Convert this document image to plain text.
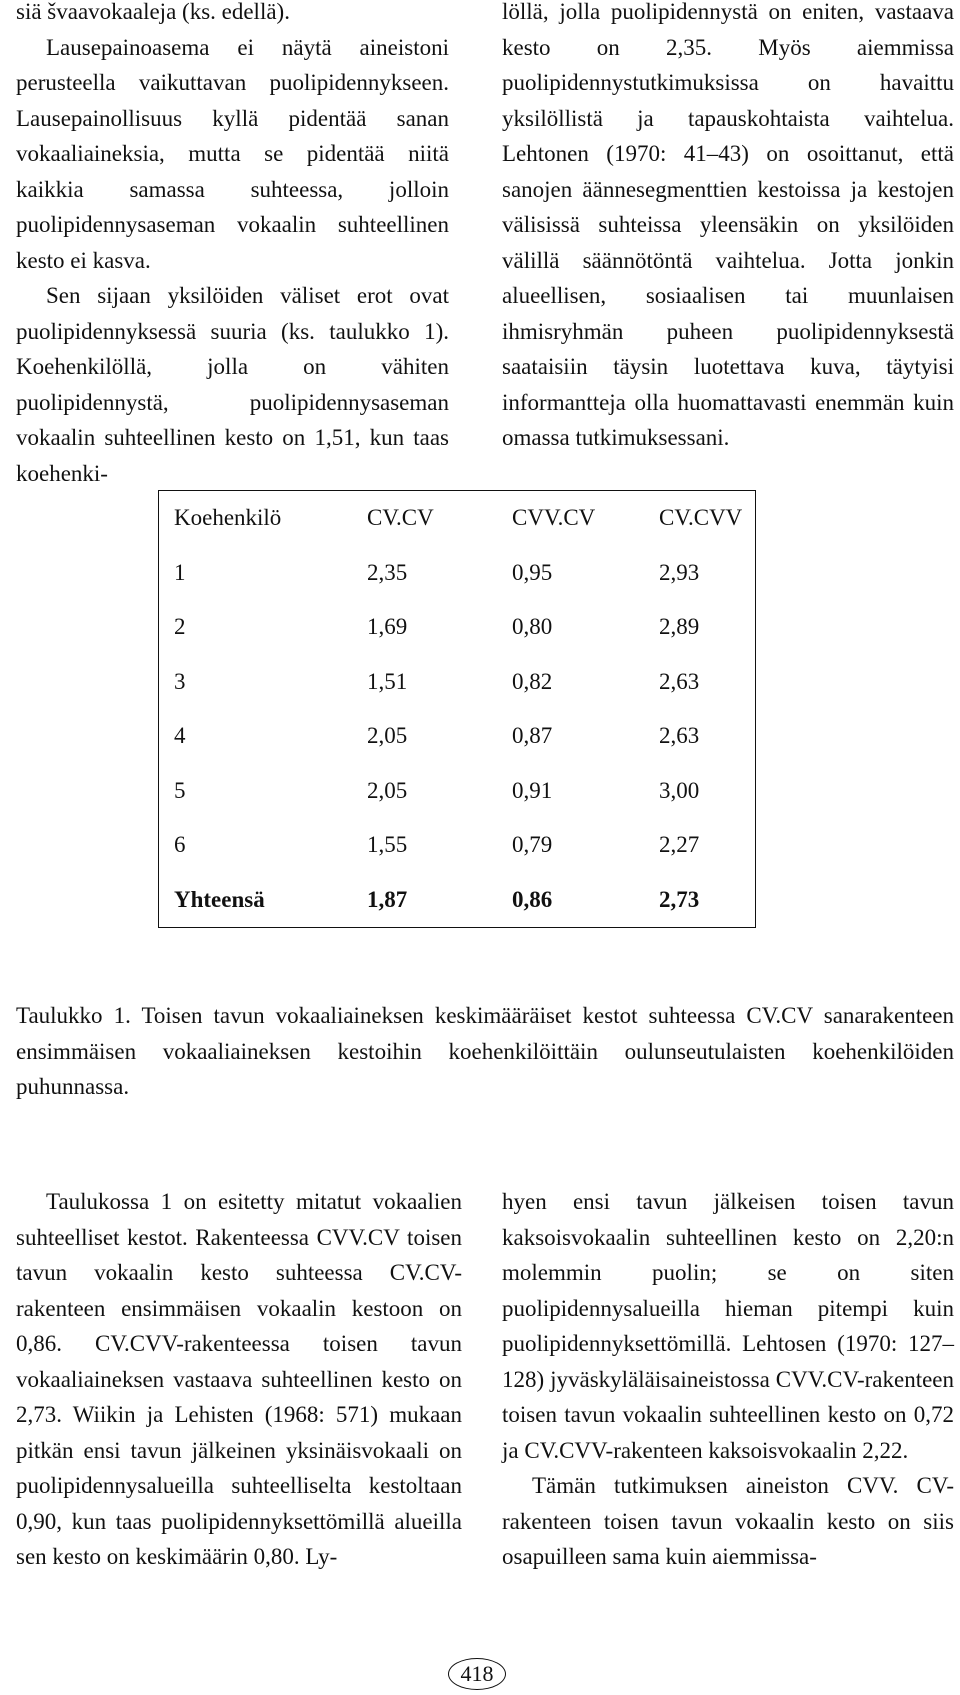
siä švaavokaaleja (ks. edellä).

Lausepainoasema ei näytä aineistoni perusteella vaikuttavan puolipidennykseen. Lausepainollisuus kyllä pidentää sanan vokaaliaineksia, mutta se pidentää niitä kaikkia samassa suhteessa, jolloin puolipidennysaseman vokaalin suhteellinen kesto ei kasva.

Sen sijaan yksilöiden väliset erot ovat puolipidennyksessä suuria (ks. taulukko 1). Koehenkilöllä, jolla on vähiten puolipidennystä, puolipidennysaseman vokaalin suhteellinen kesto on 1,51, kun taas koehenki-

löllä, jolla puolipidennystä on eniten, vastaava kesto on 2,35. Myös aiemmissa puolipidennystutkimuksissa on havaittu yksilöllistä ja tapauskohtaista vaihtelua. Lehtonen (1970: 41–43) on osoittanut, että sanojen äännesegmenttien kestoissa ja kestojen välisissä suhteissa yleensäkin on yksilöiden välillä säännötöntä vaihtelua. Jotta jonkin alueellisen, sosiaalisen tai muunlaisen ihmisryhmän puheen puolipidennyksestä saataisiin täysin luotettava kuva, täytyisi informantteja olla huomattavasti enemmän kuin omassa tutkimuksessani.

Koehenkilö	CV.CV	CVV.CV	CV.CVV
1	2,35	0,95	2,93
2	1,69	0,80	2,89
3	1,51	0,82	2,63
4	2,05	0,87	2,63
5	2,05	0,91	3,00
6	1,55	0,79	2,27
Yhteensä	1,87	0,86	2,73

Taulukko 1. Toisen tavun vokaaliaineksen keskimääräiset kestot suhteessa CV.CV sanarakenteen ensimmäisen vokaaliaineksen kestoihin koehenkilöittäin oulunseutulaisten koehenkilöiden puhunnassa.

Taulukossa 1 on esitetty mitatut vokaalien suhteelliset kestot. Rakenteessa CVV.CV toisen tavun vokaalin kesto suhteessa CV.CV-rakenteen ensimmäisen vokaalin kestoon on 0,86. CV.CVV-rakenteessa toisen tavun vokaaliaineksen vastaava suhteellinen kesto on 2,73. Wiikin ja Lehisten (1968: 571) mukaan pitkän ensi tavun jälkeinen yksinäisvokaali on puolipidennysalueilla suhteelliselta kestoltaan 0,90, kun taas puolipidennyksettömillä alueilla sen kesto on keskimäärin 0,80. Ly-

hyen ensi tavun jälkeisen toisen tavun kaksoisvokaalin suhteellinen kesto on 2,20:n molemmin puolin; se on siten puolipidennysalueilla hieman pitempi kuin puolipidennyksettömillä. Lehtosen (1970: 127–128) jyväskyläläisaineistossa CVV.CV-rakenteen toisen tavun vokaalin suhteellinen kesto on 0,72 ja CV.CVV-rakenteen kaksoisvokaalin 2,22.

Tämän tutkimuksen aineiston CVV. CV-rakenteen toisen tavun vokaalin kesto on siis osapuilleen sama kuin aiemmissa-

418
